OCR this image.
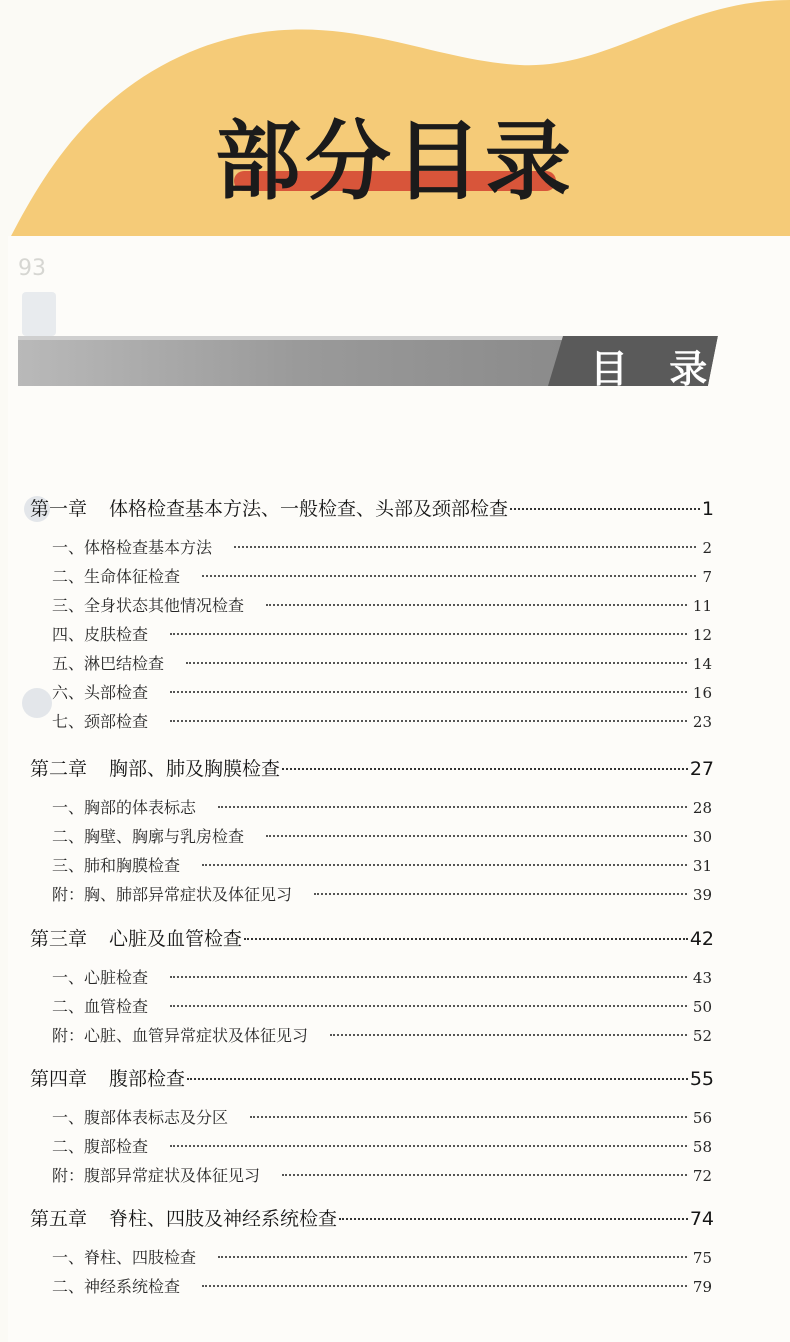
部分目录
93
目 录
第一章 体格检查基本方法、一般检查、头部及颈部检查	1
一、体格检查基本方法	2
二、生命体征检查	7
三、全身状态其他情况检查	11
四、皮肤检查	12
五、淋巴结检查	14
六、头部检查	16
七、颈部检查	23
第二章 胸部、肺及胸膜检查	27
一、胸部的体表标志	28
二、胸壁、胸廓与乳房检查	30
三、肺和胸膜检查	31
附：胸、肺部异常症状及体征见习	39
第三章 心脏及血管检查	42
一、心脏检查	43
二、血管检查	50
附：心脏、血管异常症状及体征见习	52
第四章 腹部检查	55
一、腹部体表标志及分区	56
二、腹部检查	58
附：腹部异常症状及体征见习	72
第五章 脊柱、四肢及神经系统检查	74
一、脊柱、四肢检查	75
二、神经系统检查	79
